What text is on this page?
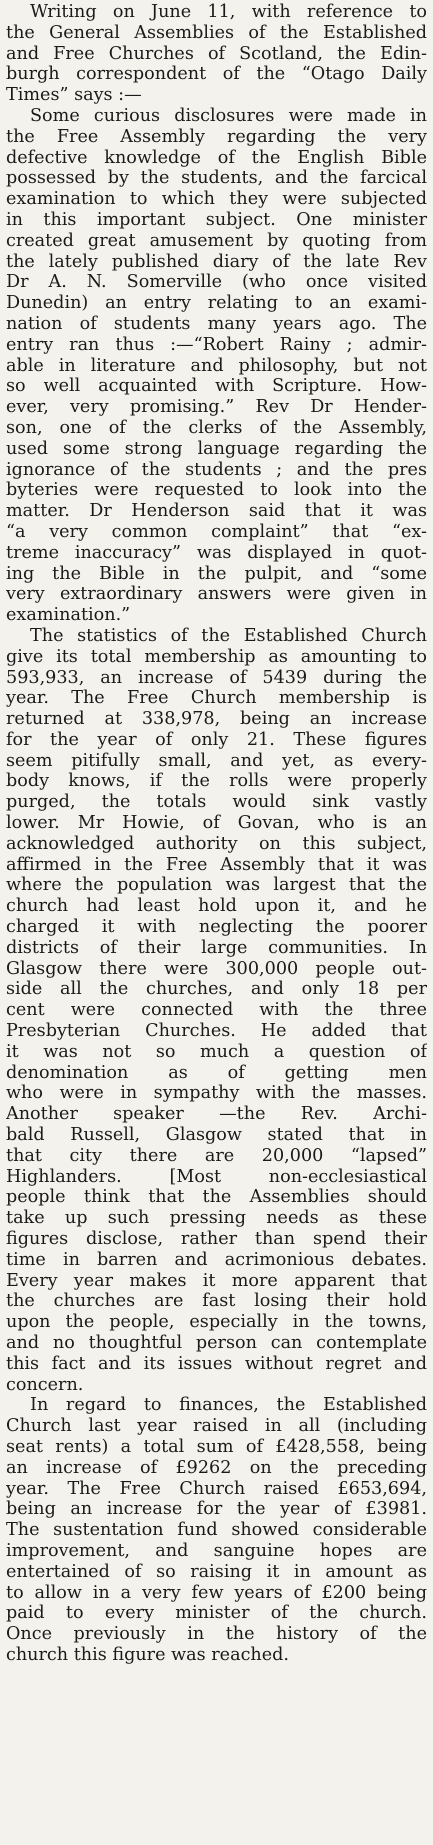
Writing on June 11, with reference to
the General Assemblies of the Established
and Free Churches of Scotland, the Edin-
burgh correspondent of the “Otago Daily
Times” says :—
Some curious disclosures were made in
the Free Assembly regarding the very
defective knowledge of the English Bible
possessed by the students, and the farcical
examination to which they were subjected
in this important subject. One minister
created great amusement by quoting from
the lately published diary of the late Rev
Dr A. N. Somerville (who once visited
Dunedin) an entry relating to an exami-
nation of students many years ago. The
entry ran thus :—“Robert Rainy ; admir-
able in literature and philosophy, but not
so well acquainted with Scripture. How-
ever, very promising.” Rev Dr Hender-
son, one of the clerks of the Assembly,
used some strong language regarding the
ignorance of the students ; and the pres
byteries were requested to look into the
matter. Dr Henderson said that it was
“a very common complaint” that “ex-
treme inaccuracy” was displayed in quot-
ing the Bible in the pulpit, and “some
very extraordinary answers were given in
examination.”
The statistics of the Established Church
give its total membership as amounting to
593,933, an increase of 5439 during the
year. The Free Church membership is
returned at 338,978, being an increase
for the year of only 21. These figures
seem pitifully small, and yet, as every-
body knows, if the rolls were properly
purged, the totals would sink vastly
lower. Mr Howie, of Govan, who is an
acknowledged authority on this subject,
affirmed in the Free Assembly that it was
where the population was largest that the
church had least hold upon it, and he
charged it with neglecting the poorer
districts of their large communities. In
Glasgow there were 300,000 people out-
side all the churches, and only 18 per
cent were connected with the three
Presbyterian Churches. He added that
it was not so much a question of
denomination as of getting men
who were in sympathy with the masses.
Another speaker —the Rev. Archi-
bald Russell, Glasgow stated that in
that city there are 20,000 “lapsed”
Highlanders. [Most non-ecclesiastical
people think that the Assemblies should
take up such pressing needs as these
figures disclose, rather than spend their
time in barren and acrimonious debates.
Every year makes it more apparent that
the churches are fast losing their hold
upon the people, especially in the towns,
and no thoughtful person can contemplate
this fact and its issues without regret and
concern.
In regard to finances, the Established
Church last year raised in all (including
seat rents) a total sum of £428,558, being
an increase of £9262 on the preceding
year. The Free Church raised £653,694,
being an increase for the year of £3981.
The sustentation fund showed considerable
improvement, and sanguine hopes are
entertained of so raising it in amount as
to allow in a very few years of £200 being
paid to every minister of the church.
Once previously in the history of the
church this figure was reached.
